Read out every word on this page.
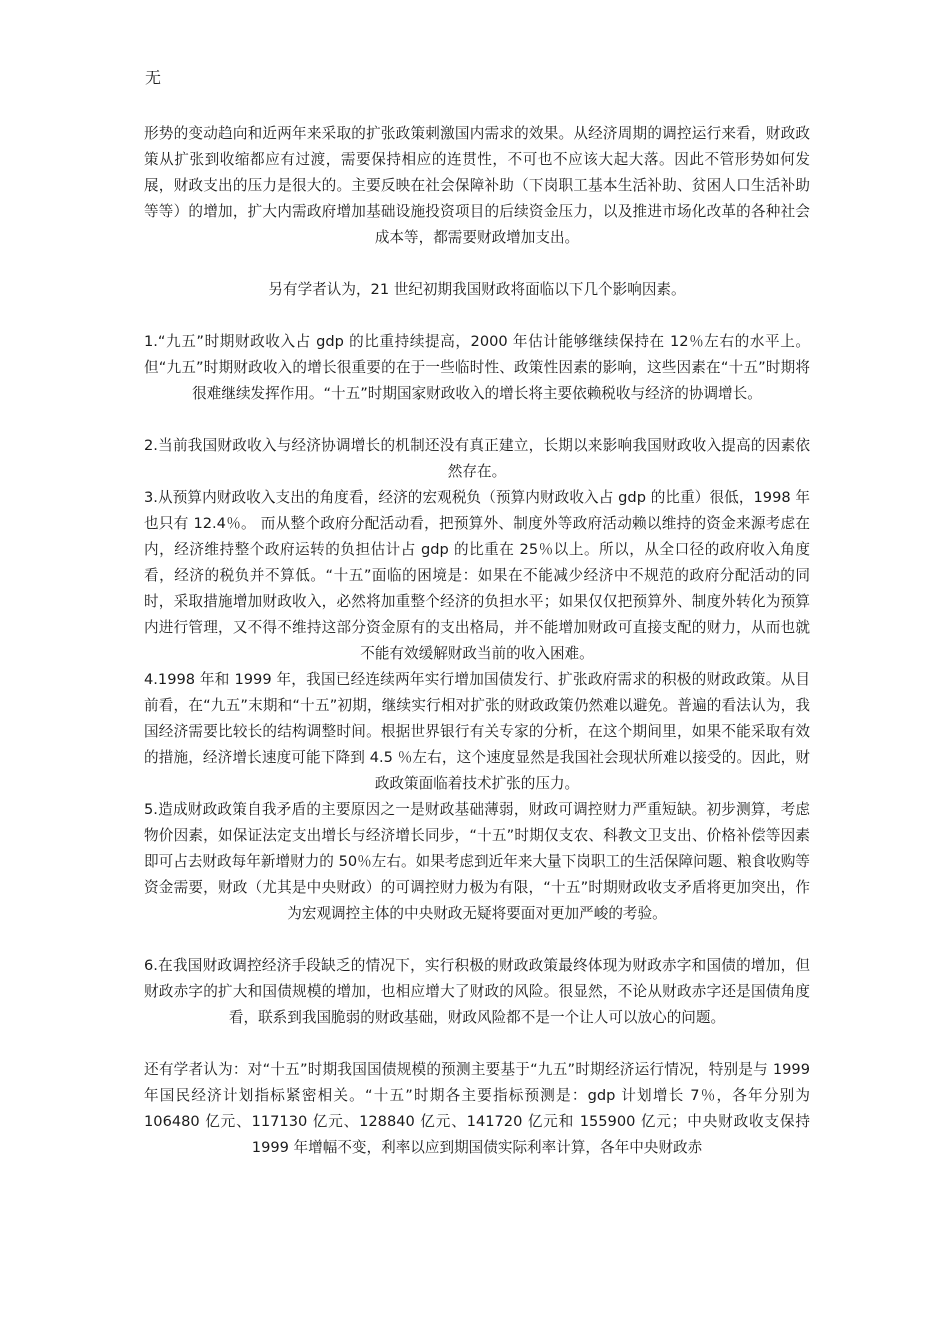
无

形势的变动趋向和近两年来采取的扩张政策刺激国内需求的效果。从经济周期的调控运行来看，财政政策从扩张到收缩都应有过渡，需要保持相应的连贯性，不可也不应该大起大落。因此不管形势如何发展，财政支出的压力是很大的。主要反映在社会保障补助（下岗职工基本生活补助、贫困人口生活补助等等）的增加，扩大内需政府增加基础设施投资项目的后续资金压力，以及推进市场化改革的各种社会成本等，都需要财政增加支出。

另有学者认为，21 世纪初期我国财政将面临以下几个影响因素。

1.“九五”时期财政收入占 gdp 的比重持续提高，2000 年估计能够继续保持在 12％左右的水平上。但“九五”时期财政收入的增长很重要的在于一些临时性、政策性因素的影响，这些因素在“十五”时期将很难继续发挥作用。“十五”时期国家财政收入的增长将主要依赖税收与经济的协调增长。

2.当前我国财政收入与经济协调增长的机制还没有真正建立，长期以来影响我国财政收入提高的因素依然存在。

3.从预算内财政收入支出的角度看，经济的宏观税负（预算内财政收入占 gdp 的比重）很低，1998 年也只有 12.4％。 而从整个政府分配活动看，把预算外、制度外等政府活动赖以维持的资金来源考虑在内，经济维持整个政府运转的负担估计占 gdp 的比重在 25％以上。所以，从全口径的政府收入角度看，经济的税负并不算低。“十五”面临的困境是：如果在不能减少经济中不规范的政府分配活动的同时，采取措施增加财政收入，必然将加重整个经济的负担水平；如果仅仅把预算外、制度外转化为预算内进行管理，又不得不维持这部分资金原有的支出格局，并不能增加财政可直接支配的财力，从而也就不能有效缓解财政当前的收入困难。

4.1998 年和 1999 年，我国已经连续两年实行增加国债发行、扩张政府需求的积极的财政政策。从目前看，在“九五”末期和“十五”初期，继续实行相对扩张的财政政策仍然难以避免。普遍的看法认为，我国经济需要比较长的结构调整时间。根据世界银行有关专家的分析，在这个期间里，如果不能采取有效的措施，经济增长速度可能下降到 4.5 ％左右，这个速度显然是我国社会现状所难以接受的。因此，财政政策面临着技术扩张的压力。

5.造成财政政策自我矛盾的主要原因之一是财政基础薄弱，财政可调控财力严重短缺。初步测算，考虑物价因素，如保证法定支出增长与经济增长同步，“十五”时期仅支农、科教文卫支出、价格补偿等因素即可占去财政每年新增财力的 50％左右。如果考虑到近年来大量下岗职工的生活保障问题、粮食收购等资金需要，财政（尤其是中央财政）的可调控财力极为有限，“十五”时期财政收支矛盾将更加突出，作为宏观调控主体的中央财政无疑将要面对更加严峻的考验。

6.在我国财政调控经济手段缺乏的情况下，实行积极的财政政策最终体现为财政赤字和国债的增加，但财政赤字的扩大和国债规模的增加，也相应增大了财政的风险。很显然，不论从财政赤字还是国债角度看，联系到我国脆弱的财政基础，财政风险都不是一个让人可以放心的问题。

还有学者认为：对“十五”时期我国国债规模的预测主要基于“九五”时期经济运行情况，特别是与 1999 年国民经济计划指标紧密相关。“十五”时期各主要指标预测是：gdp 计划增长 7％，各年分别为 106480 亿元、117130 亿元、128840 亿元、141720 亿元和 155900 亿元；中央财政收支保持 1999 年增幅不变，利率以应到期国债实际利率计算，各年中央财政赤
